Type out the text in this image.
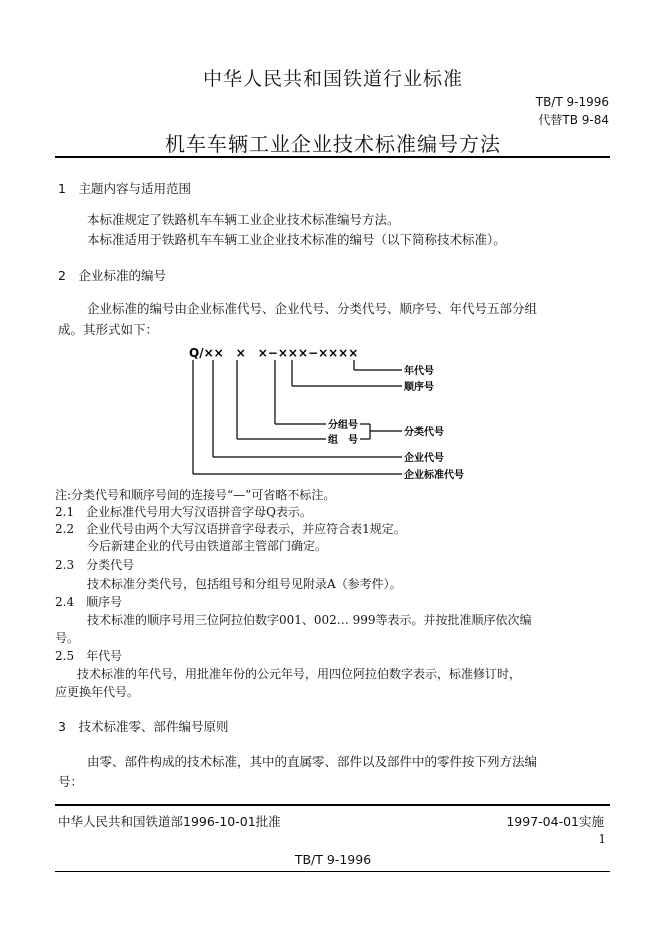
中华人民共和国铁道行业标准
TB/T 9-1996
代替TB 9-84
机车车辆工业企业技术标准编号方法
1　主题内容与适用范围
本标准规定了铁路机车车辆工业企业技术标准编号方法。
本标准适用于铁路机车车辆工业企业技术标准的编号（以下简称技术标准）。
2　企业标准的编号
企业标准的编号由企业标准代号、企业代号、分类代号、顺序号、年代号五部分组
成。其形式如下：
Q/××　×　×−×××−××××
年代号
顺序号
分组号
组　号
分类代号
企业代号
企业标准代号
注:分类代号和顺序号间的连接号“—”可省略不标注。
2.1　企业标准代号用大写汉语拼音字母Q表示。
2.2　企业代号由两个大写汉语拼音字母表示，并应符合表1规定。
今后新建企业的代号由铁道部主管部门确定。
2.3　分类代号
技术标准分类代号，包括组号和分组号见附录A（参考件）。
2.4　顺序号
技术标准的顺序号用三位阿拉伯数字001、002… 999等表示。并按批准顺序依次编
号。
2.5　年代号
技术标准的年代号，用批准年份的公元年号，用四位阿拉伯数字表示，标准修订时，
应更换年代号。
3　技术标准零、部件编号原则
由零、部件构成的技术标准，其中的直属零、部件以及部件中的零件按下列方法编
号：
中华人民共和国铁道部1996-10-01批准	1997-04-01实施
1
TB/T 9-1996
